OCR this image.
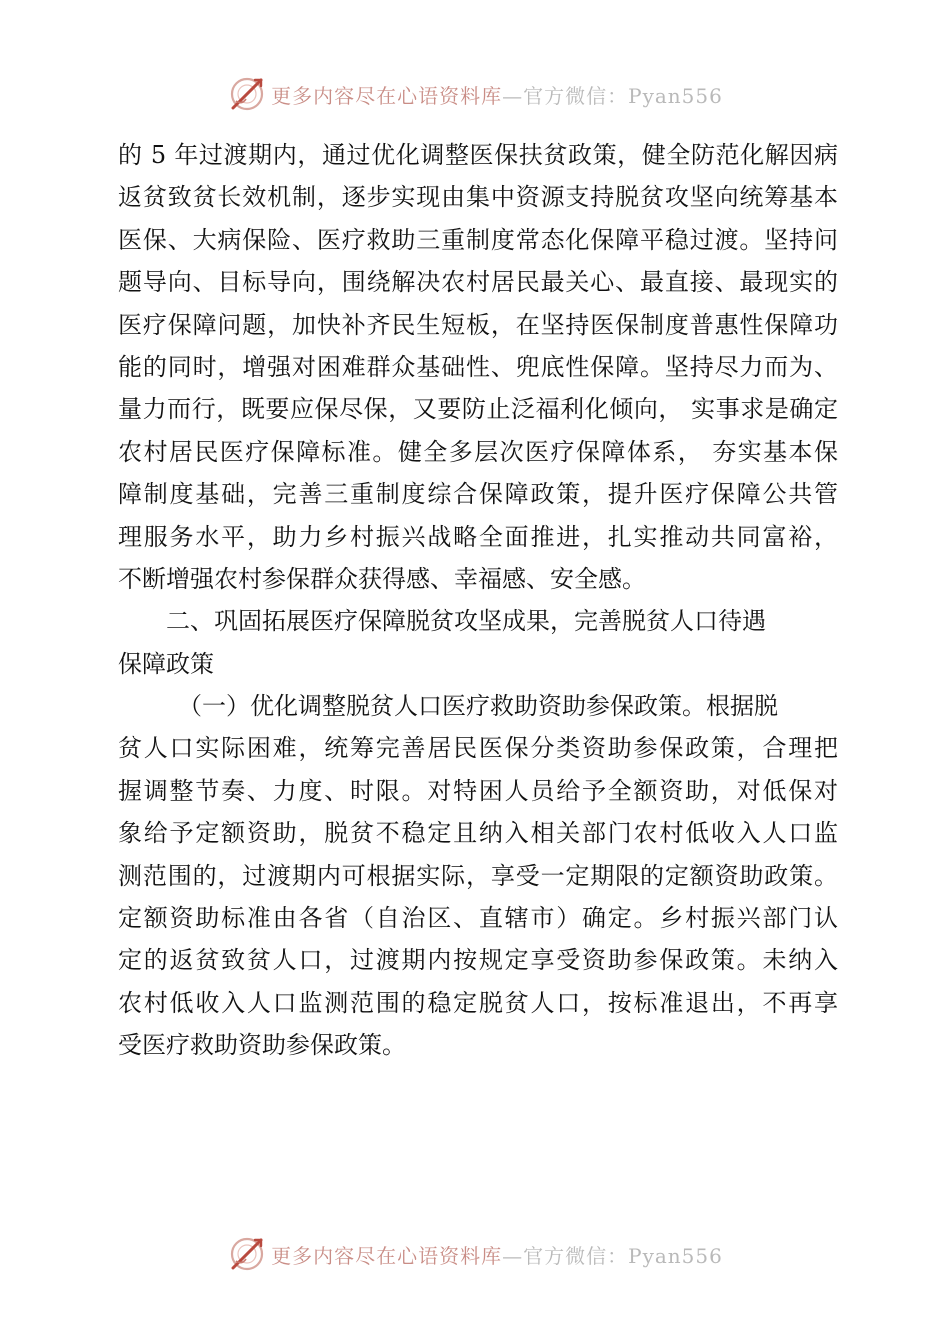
更多内容尽在心语资料库—官方微信：Pyan556
的 5 年过渡期内，通过优化调整医保扶贫政策，健全防范化解因病
返贫致贫长效机制，逐步实现由集中资源支持脱贫攻坚向统筹基本
医保、大病保险、医疗救助三重制度常态化保障平稳过渡。坚持问
题导向、目标导向，围绕解决农村居民最关心、最直接、最现实的
医疗保障问题，加快补齐民生短板，在坚持医保制度普惠性保障功
能的同时，增强对困难群众基础性、兜底性保障。坚持尽力而为、
量力而行，既要应保尽保，又要防止泛福利化倾向， 实事求是确定
农村居民医疗保障标准。健全多层次医疗保障体系， 夯实基本保
障制度基础，完善三重制度综合保障政策，提升医疗保障公共管
理服务水平，助力乡村振兴战略全面推进，扎实推动共同富裕，
不断增强农村参保群众获得感、幸福感、安全感。
二、巩固拓展医疗保障脱贫攻坚成果，完善脱贫人口待遇
保障政策
（一）优化调整脱贫人口医疗救助资助参保政策。根据脱
贫人口实际困难，统筹完善居民医保分类资助参保政策，合理把
握调整节奏、力度、时限。对特困人员给予全额资助，对低保对
象给予定额资助，脱贫不稳定且纳入相关部门农村低收入人口监
测范围的，过渡期内可根据实际，享受一定期限的定额资助政策。
定额资助标准由各省（自治区、直辖市）确定。乡村振兴部门认
定的返贫致贫人口，过渡期内按规定享受资助参保政策。未纳入
农村低收入人口监测范围的稳定脱贫人口，按标准退出，不再享
受医疗救助资助参保政策。
更多内容尽在心语资料库—官方微信：Pyan556
